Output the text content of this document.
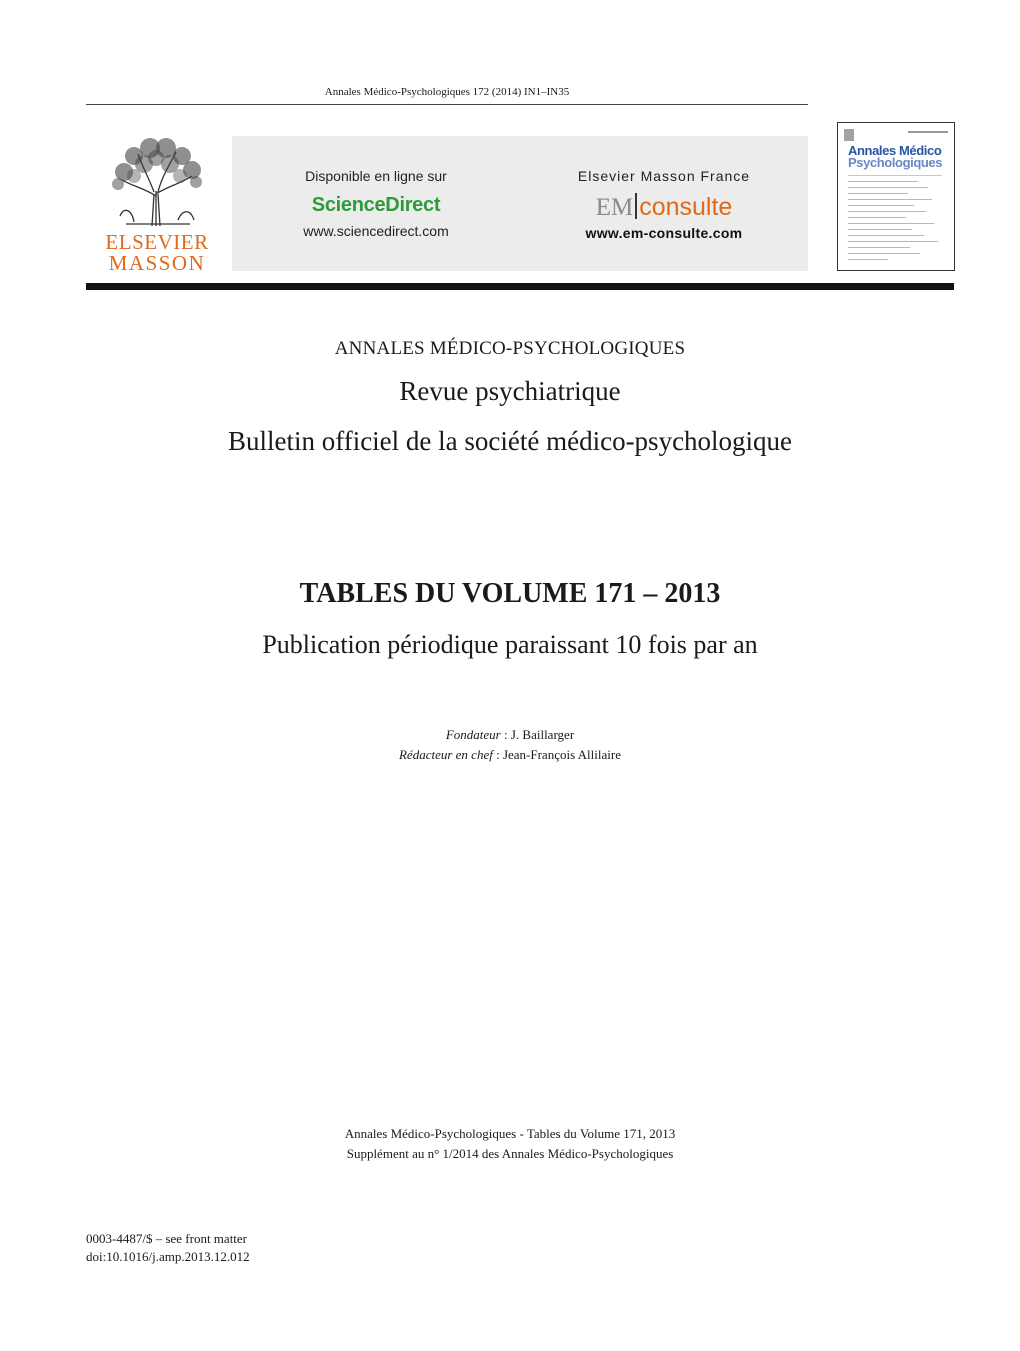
Annales Médico-Psychologiques 172 (2014) IN1–IN35
ELSEVIER
MASSON
Disponible en ligne sur
ScienceDirect
www.sciencedirect.com
Elsevier Masson France
EM consulte
www.em-consulte.com
Annales Médico
Psychologiques
ANNALES MÉDICO-PSYCHOLOGIQUES
Revue psychiatrique
Bulletin officiel de la société médico-psychologique
TABLES DU VOLUME 171 – 2013
Publication périodique paraissant 10 fois par an
Fondateur : J. Baillarger
Rédacteur en chef : Jean-François Allilaire
Annales Médico-Psychologiques - Tables du Volume 171, 2013
Supplément au n° 1/2014 des Annales Médico-Psychologiques
0003-4487/$ – see front matter
doi:10.1016/j.amp.2013.12.012
